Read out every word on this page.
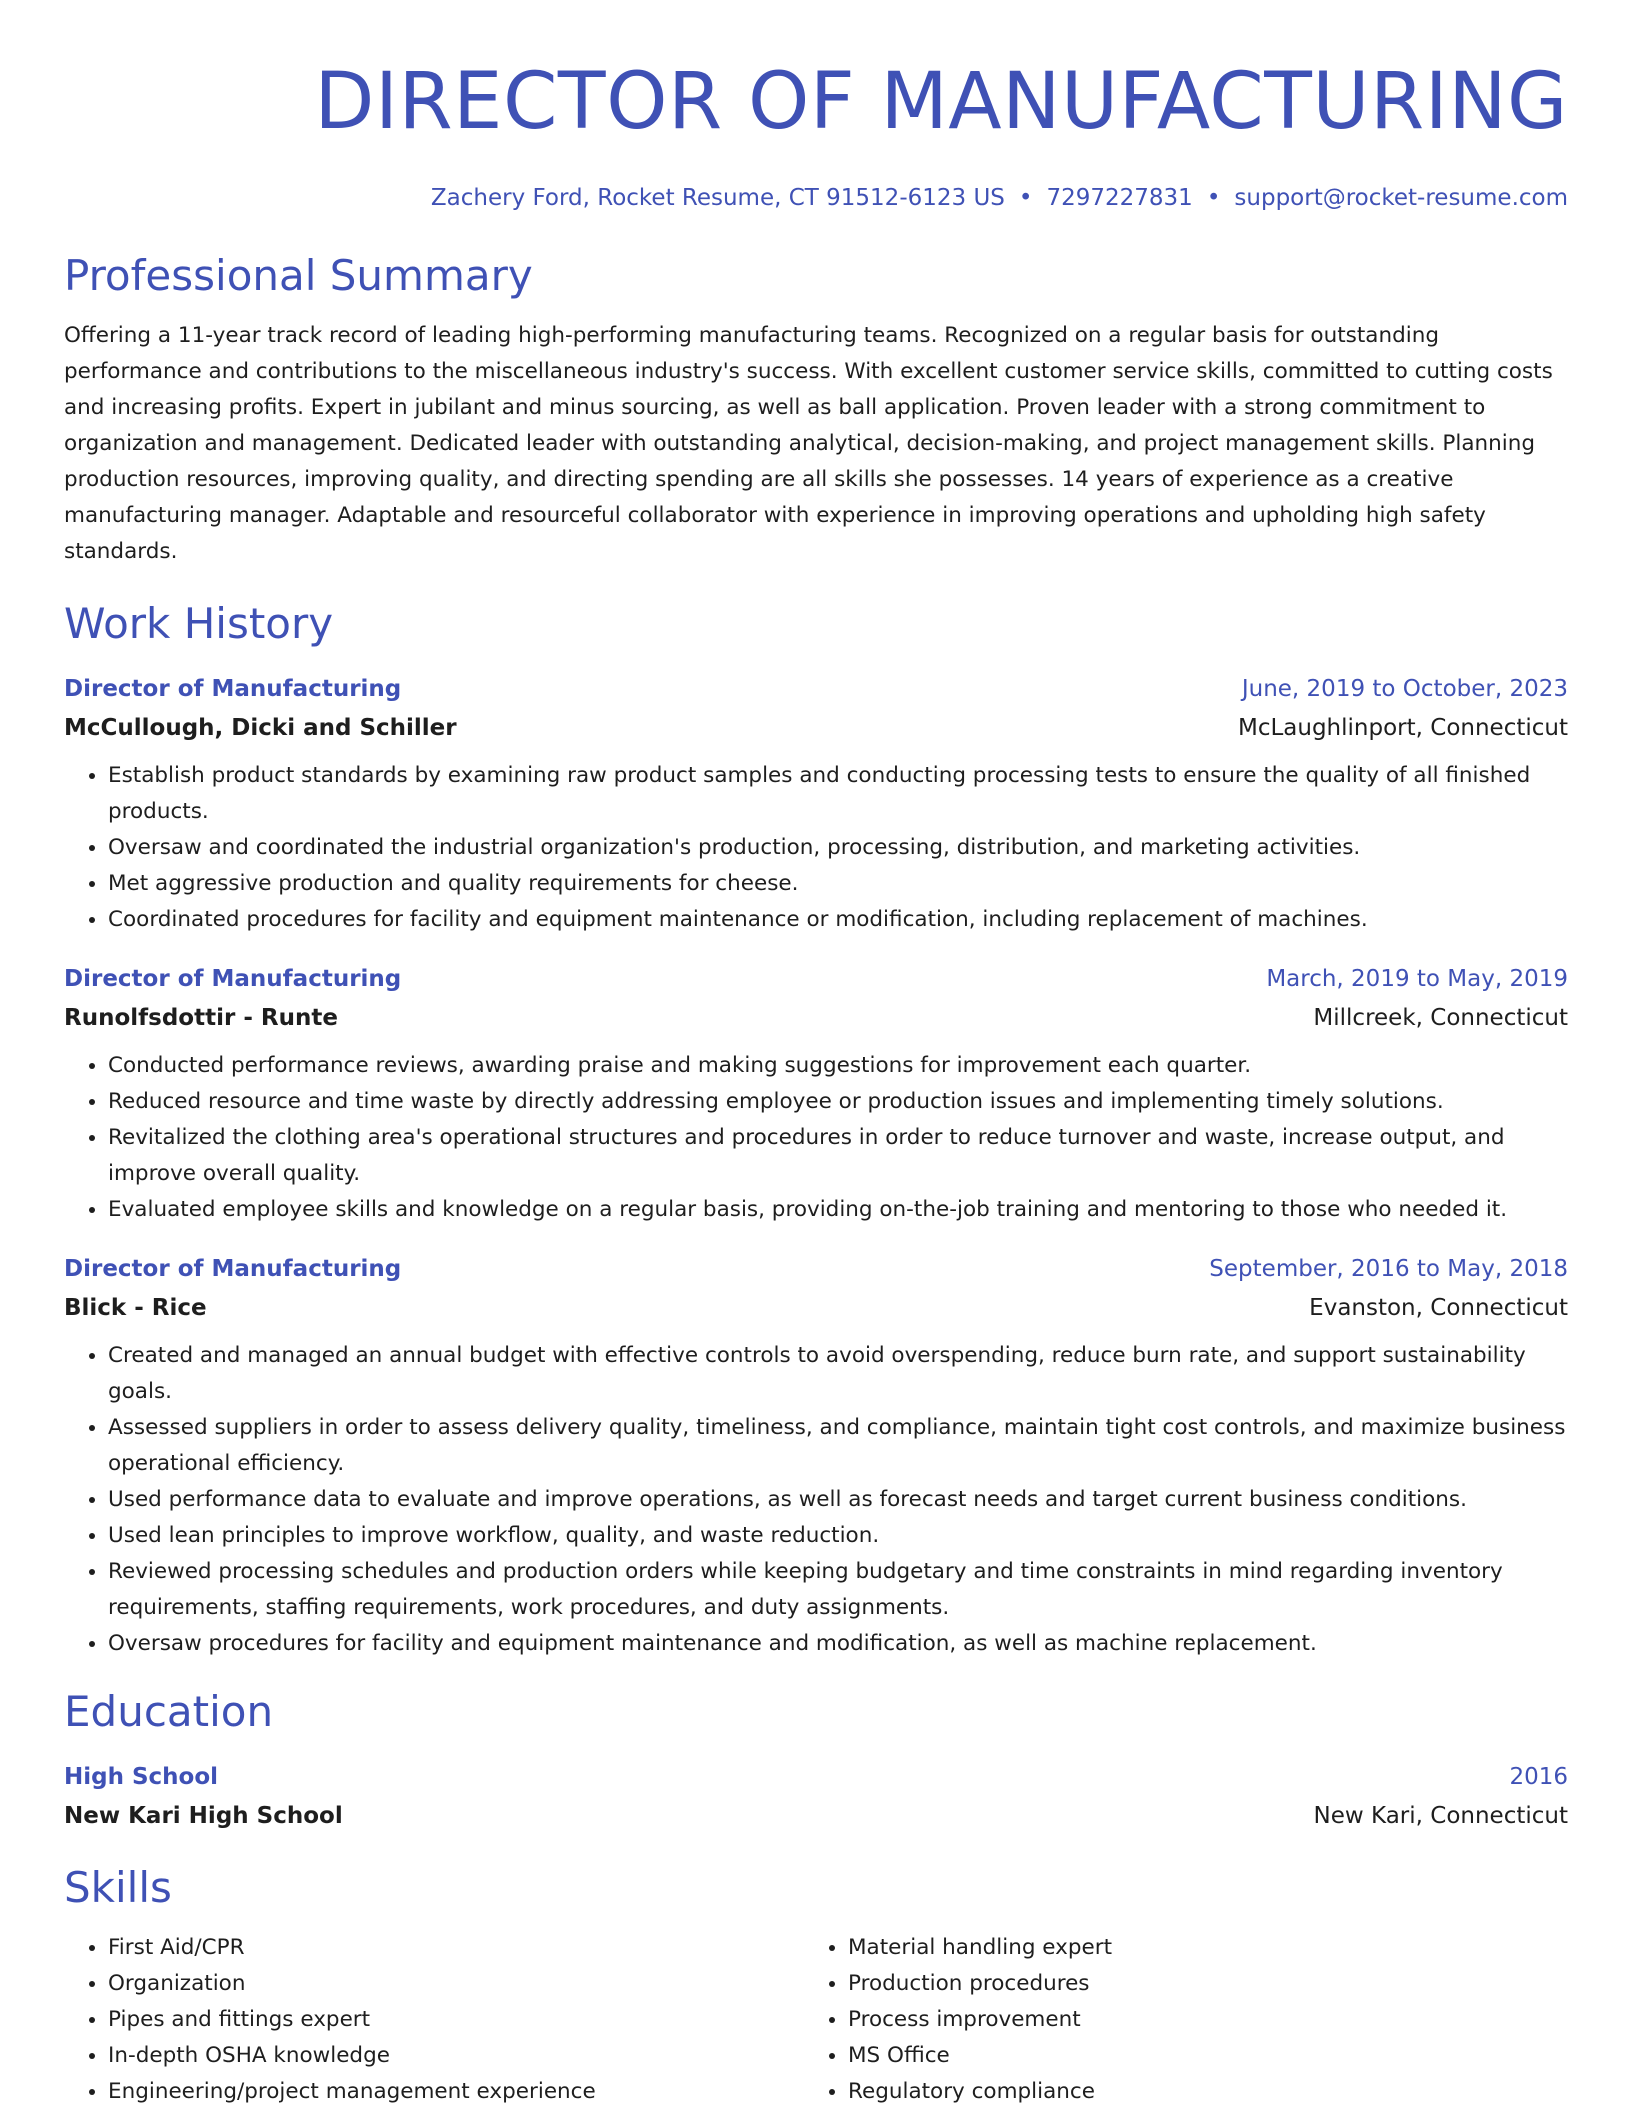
DIRECTOR OF MANUFACTURING
Zachery Ford, Rocket Resume, CT 91512-6123 US • 7297227831 • support@rocket-resume.com
Professional Summary
Offering a 11-year track record of leading high-performing manufacturing teams. Recognized on a regular basis for outstanding performance and contributions to the miscellaneous industry's success. With excellent customer service skills, committed to cutting costs and increasing profits. Expert in jubilant and minus sourcing, as well as ball application. Proven leader with a strong commitment to organization and management. Dedicated leader with outstanding analytical, decision-making, and project management skills. Planning production resources, improving quality, and directing spending are all skills she possesses. 14 years of experience as a creative manufacturing manager. Adaptable and resourceful collaborator with experience in improving operations and upholding high safety standards.
Work History
Director of Manufacturing	June, 2019 to October, 2023
McCullough, Dicki and Schiller	McLaughlinport, Connecticut
• Establish product standards by examining raw product samples and conducting processing tests to ensure the quality of all finished products.
• Oversaw and coordinated the industrial organization's production, processing, distribution, and marketing activities.
• Met aggressive production and quality requirements for cheese.
• Coordinated procedures for facility and equipment maintenance or modification, including replacement of machines.
Director of Manufacturing	March, 2019 to May, 2019
Runolfsdottir - Runte	Millcreek, Connecticut
• Conducted performance reviews, awarding praise and making suggestions for improvement each quarter.
• Reduced resource and time waste by directly addressing employee or production issues and implementing timely solutions.
• Revitalized the clothing area's operational structures and procedures in order to reduce turnover and waste, increase output, and improve overall quality.
• Evaluated employee skills and knowledge on a regular basis, providing on-the-job training and mentoring to those who needed it.
Director of Manufacturing	September, 2016 to May, 2018
Blick - Rice	Evanston, Connecticut
• Created and managed an annual budget with effective controls to avoid overspending, reduce burn rate, and support sustainability goals.
• Assessed suppliers in order to assess delivery quality, timeliness, and compliance, maintain tight cost controls, and maximize business operational efficiency.
• Used performance data to evaluate and improve operations, as well as forecast needs and target current business conditions.
• Used lean principles to improve workflow, quality, and waste reduction.
• Reviewed processing schedules and production orders while keeping budgetary and time constraints in mind regarding inventory requirements, staffing requirements, work procedures, and duty assignments.
• Oversaw procedures for facility and equipment maintenance and modification, as well as machine replacement.
Education
High School	2016
New Kari High School	New Kari, Connecticut
Skills
• First Aid/CPR
• Organization
• Pipes and fittings expert
• In-depth OSHA knowledge
• Engineering/project management experience
• Material handling expert
• Production procedures
• Process improvement
• MS Office
• Regulatory compliance
